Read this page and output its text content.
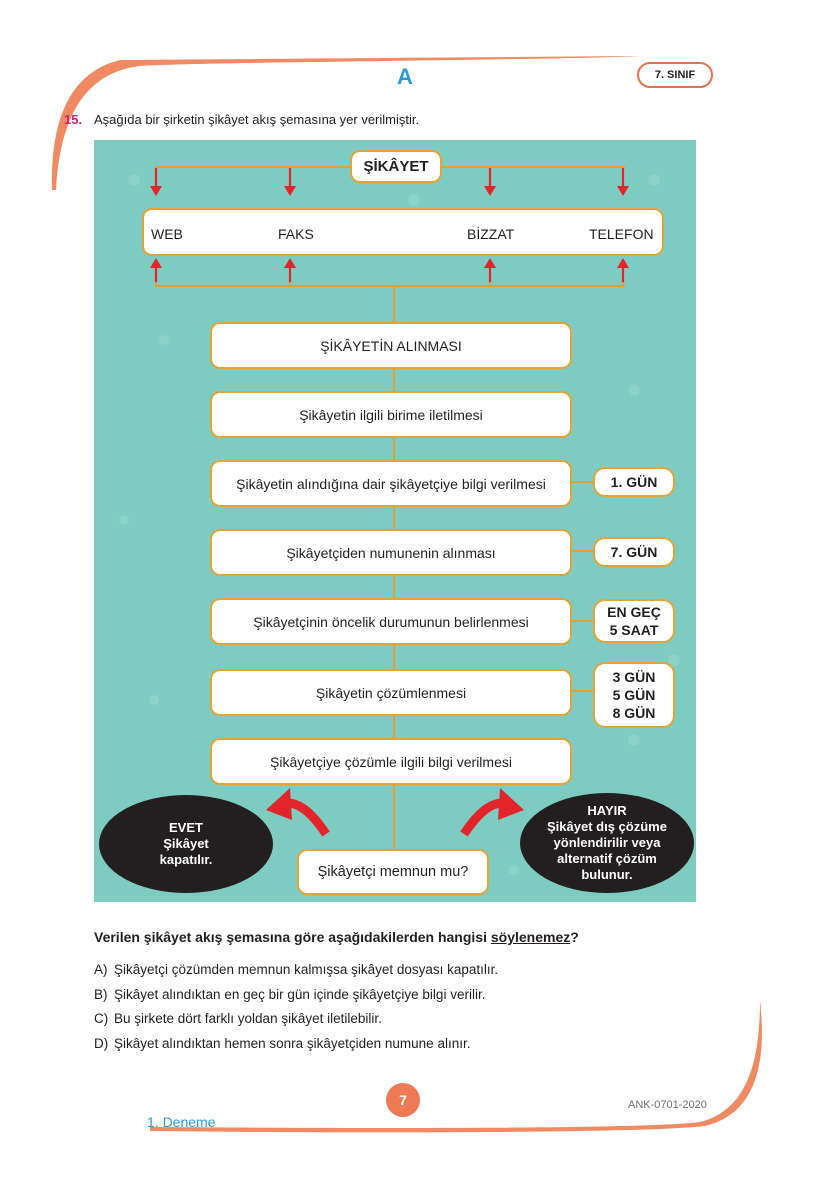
A	7. SINIF
15. Aşağıda bir şirketin şikâyet akış şemasına yer verilmiştir.
ŞİKÂYET
WEB	FAKS	BİZZAT	TELEFON
ŞİKÂYETİN ALINMASI
Şikâyetin ilgili birime iletilmesi
Şikâyetin alındığına dair şikâyetçiye bilgi verilmesi
Şikâyetçiden numunenin alınması
Şikâyetçinin öncelik durumunun belirlenmesi
Şikâyetin çözümlenmesi
Şikâyetçiye çözümle ilgili bilgi verilmesi
1. GÜN
7. GÜN
EN GEÇ
5 SAAT
3 GÜN
5 GÜN
8 GÜN
Şikâyetçi memnun mu?
EVET
Şikâyet
kapatılır.
HAYIR
Şikâyet dış çözüme
yönlendirilir veya
alternatif çözüm
bulunur.
Verilen şikâyet akış şemasına göre aşağıdakilerden hangisi söylenemez?
A) Şikâyetçi çözümden memnun kalmışsa şikâyet dosyası kapatılır.
B) Şikâyet alındıktan en geç bir gün içinde şikâyetçiye bilgi verilir.
C) Bu şirkete dört farklı yoldan şikâyet iletilebilir.
D) Şikâyet alındıktan hemen sonra şikâyetçiden numune alınır.
7	ANK-0701-2020
1. Deneme
